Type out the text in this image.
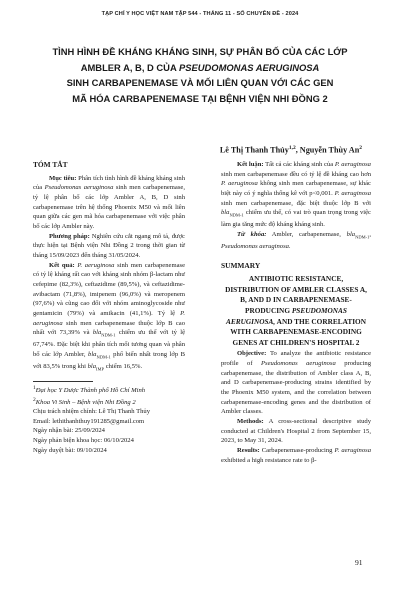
TẠP CHÍ Y HỌC VIỆT NAM TẬP 544 - THÁNG 11 - SỐ CHUYÊN ĐỀ - 2024
TÌNH HÌNH ĐỀ KHÁNG KHÁNG SINH, SỰ PHÂN BỐ CỦA CÁC LỚP
AMBLER A, B, D CỦA PSEUDOMONAS AERUGINOSA
SINH CARBAPENEMASE VÀ MỐI LIÊN QUAN VỚI CÁC GEN
MÃ HÓA CARBAPENEMASE TẠI BỆNH VIỆN NHI ĐỒNG 2
Lê Thị Thanh Thủy$^{1,2}$, Nguyễn Thùy An$^2$

TÓM TẮT

Mục tiêu: Phân tích tình hình đề kháng kháng sinh của Pseudomonas aeruginosa sinh men carbapenemase, tỷ lệ phân bố các lớp Ambler A, B, D sinh carbapenemase trên hệ thống Phoenix M50 và mối liên quan giữa các gen mã hóa carbapenemase với việc phân bố các lớp Ambler này.

Phương pháp: Nghiên cứu cắt ngang mô tả, được thực hiện tại Bệnh viện Nhi Đồng 2 trong thời gian từ tháng 15/09/2023 đến tháng 31/05/2024.

Kết quả: P. aeruginosa sinh men carbapenemase có tỷ lệ kháng rất cao với kháng sinh nhóm β-lactam như cefepime (82,3%), ceftazidime (89,5%), và ceftazidime-avibactam (71,8%), imipenem (96,0%) và meropenem (97,6%) và cũng cao đối với nhóm aminoglycoside như gentamicin (79%) và amikacin (41,1%). Tỷ lệ P. aeruginosa sinh men carbapenemase thuộc lớp B cao nhất với 73,39% và bla$_{NDM-1}$ chiếm ưu thế với tỷ lệ 67,74%. Đặc biệt khi phân tích mối tương quan và phân bố các lớp Ambler, bla$_{NDM-1}$ phổ biến nhất trong lớp B với 83,5% trong khi bla$_{IMP}$ chiếm 16,5%.

$^1$Đại học Y Dược Thành phố Hồ Chí Minh

$^2$Khoa Vi Sinh – Bệnh viện Nhi Đồng 2

Chịu trách nhiệm chính: Lê Thị Thanh Thủy

Email: lethithanhthuy191285@gmail.com

Ngày nhận bài: 25/09/2024

Ngày phản biện khoa học: 06/10/2024

Ngày duyệt bài: 09/10/2024

Kết luận: Tất cả các kháng sinh của P. aeruginosa sinh men carbapenemase đều có tỷ lệ đề kháng cao hơn P. aeruginosa không sinh men carbapenemase, sự khác biệt này có ý nghĩa thống kê với p<0,001. P. aeruginosa sinh men carbapenemase, đặc biệt thuộc lớp B với bla$_{NDM-1}$ chiếm ưu thế, có vai trò quan trọng trong việc làm gia tăng mức độ kháng kháng sinh.

Từ khóa: Ambler, carbapenemase, bla$_{NDM-1}$, Pseudomonas aeruginosa.

SUMMARY

ANTIBIOTIC RESISTANCE, DISTRIBUTION OF AMBLER CLASSES A, B, AND D IN CARBAPENEMASE-PRODUCING PSEUDOMONAS AERUGINOSA, AND THE CORRELATION WITH CARBAPENEMASE-ENCODING GENES AT CHILDREN'S HOSPITAL 2

Objective: To analyze the antibiotic resistance profile of Pseudomonas aeruginosa producing carbapenemase, the distribution of Ambler class A, B, and D carbapenemase-producing strains identified by the Phoenix M50 system, and the correlation between carbapenemase-encoding genes and the distribution of Ambler classes.

Methods: A cross-sectional descriptive study conducted at Children's Hospital 2 from September 15, 2023, to May 31, 2024.

Results: Carbapenemase-producing P. aeruginosa exhibited a high resistance rate to β-

91
